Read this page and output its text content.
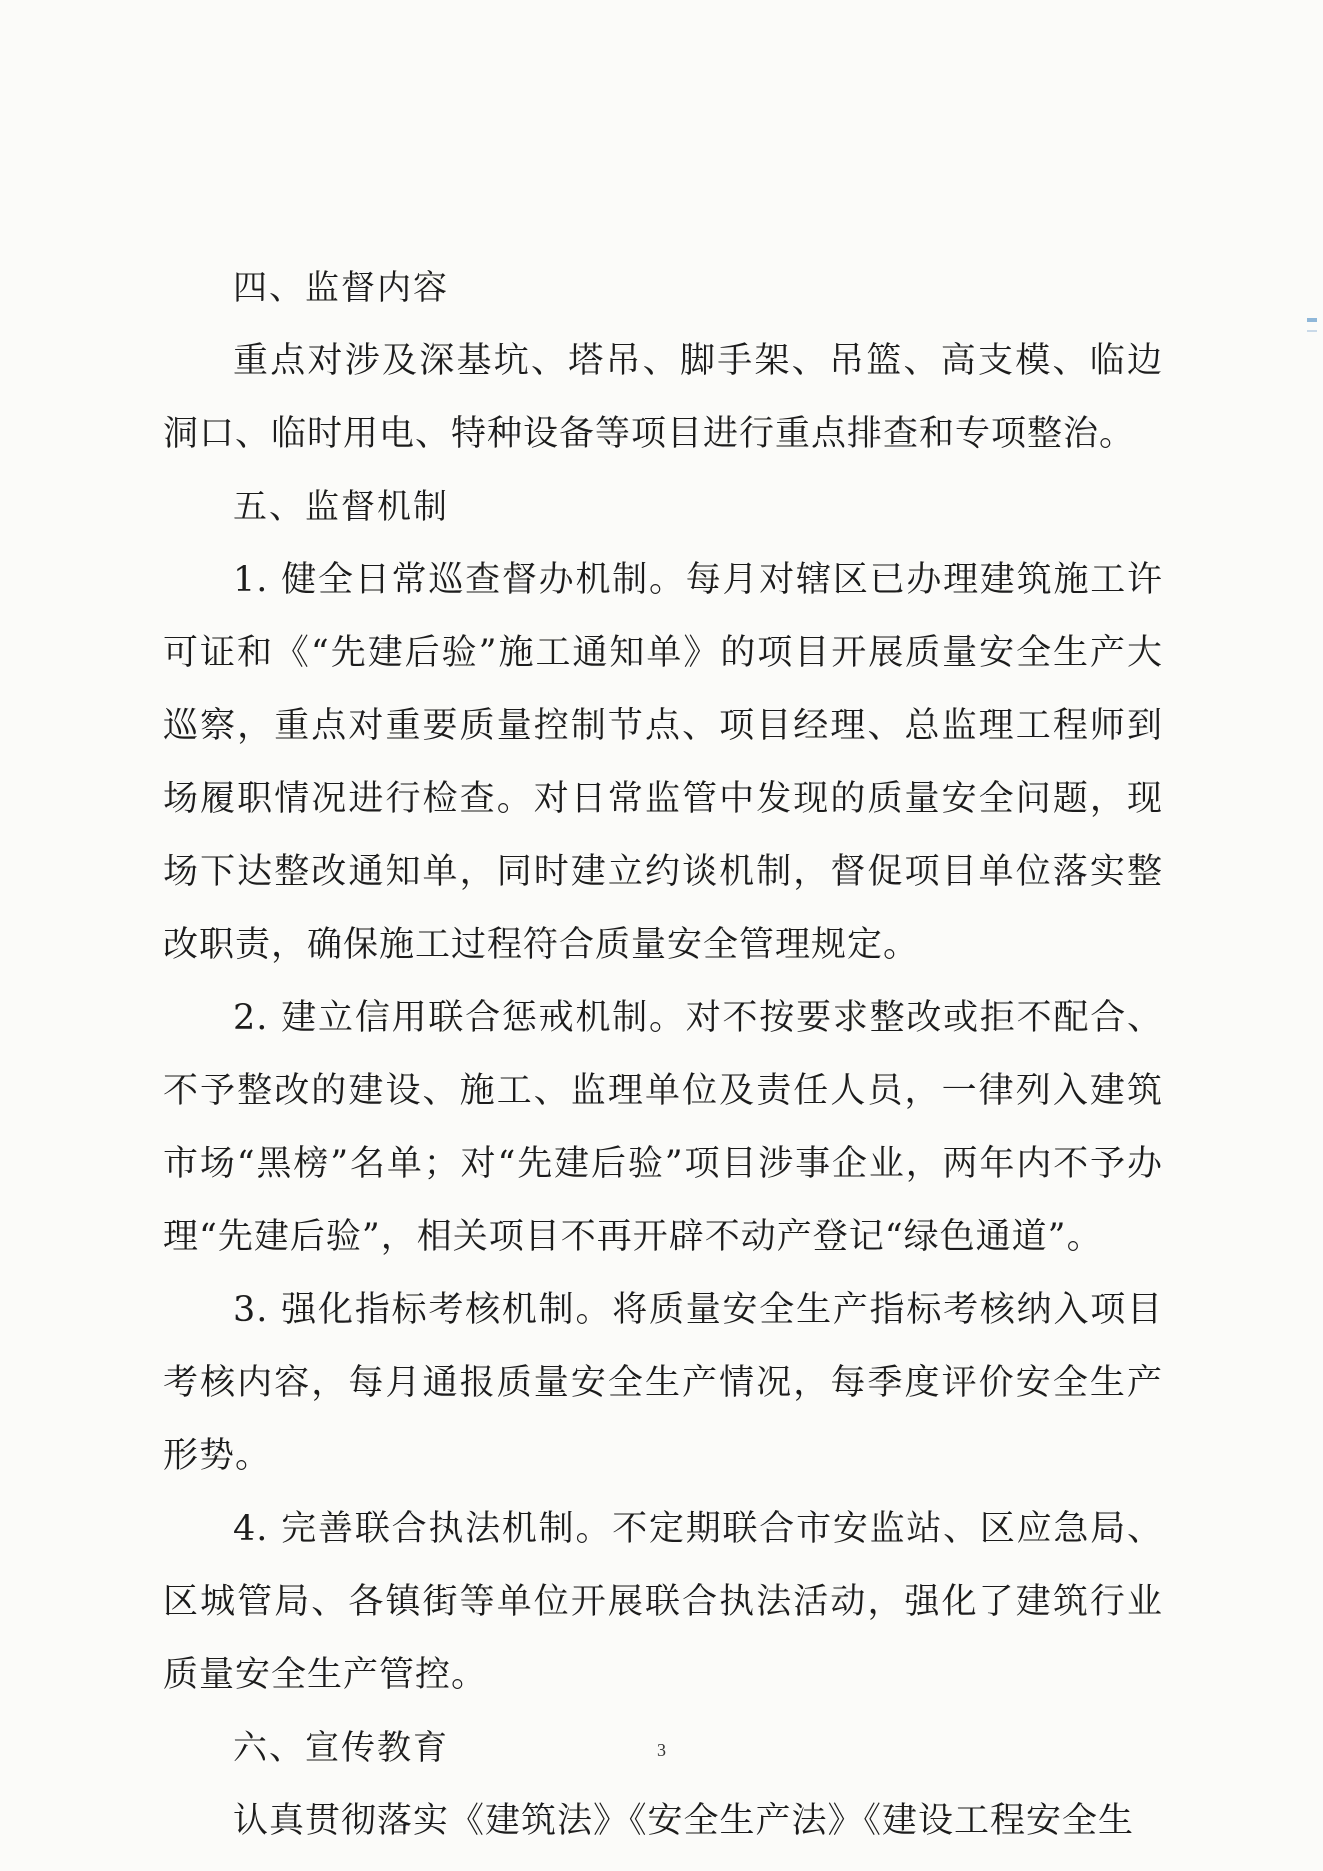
四、监督内容

重点对涉及深基坑、塔吊、脚手架、吊篮、高支模、临边洞口、临时用电、特种设备等项目进行重点排查和专项整治。

五、监督机制

1. 健全日常巡查督办机制。每月对辖区已办理建筑施工许可证和《“先建后验”施工通知单》的项目开展质量安全生产大巡察，重点对重要质量控制节点、项目经理、总监理工程师到场履职情况进行检查。对日常监管中发现的质量安全问题，现场下达整改通知单，同时建立约谈机制，督促项目单位落实整改职责，确保施工过程符合质量安全管理规定。

2. 建立信用联合惩戒机制。对不按要求整改或拒不配合、不予整改的建设、施工、监理单位及责任人员，一律列入建筑市场“黑榜”名单；对“先建后验”项目涉事企业，两年内不予办理“先建后验”，相关项目不再开辟不动产登记“绿色通道”。

3. 强化指标考核机制。将质量安全生产指标考核纳入项目考核内容，每月通报质量安全生产情况，每季度评价安全生产形势。

4. 完善联合执法机制。不定期联合市安监站、区应急局、区城管局、各镇街等单位开展联合执法活动，强化了建筑行业质量安全生产管控。

六、宣传教育

认真贯彻落实《建筑法》《安全生产法》《建设工程安全生

3
